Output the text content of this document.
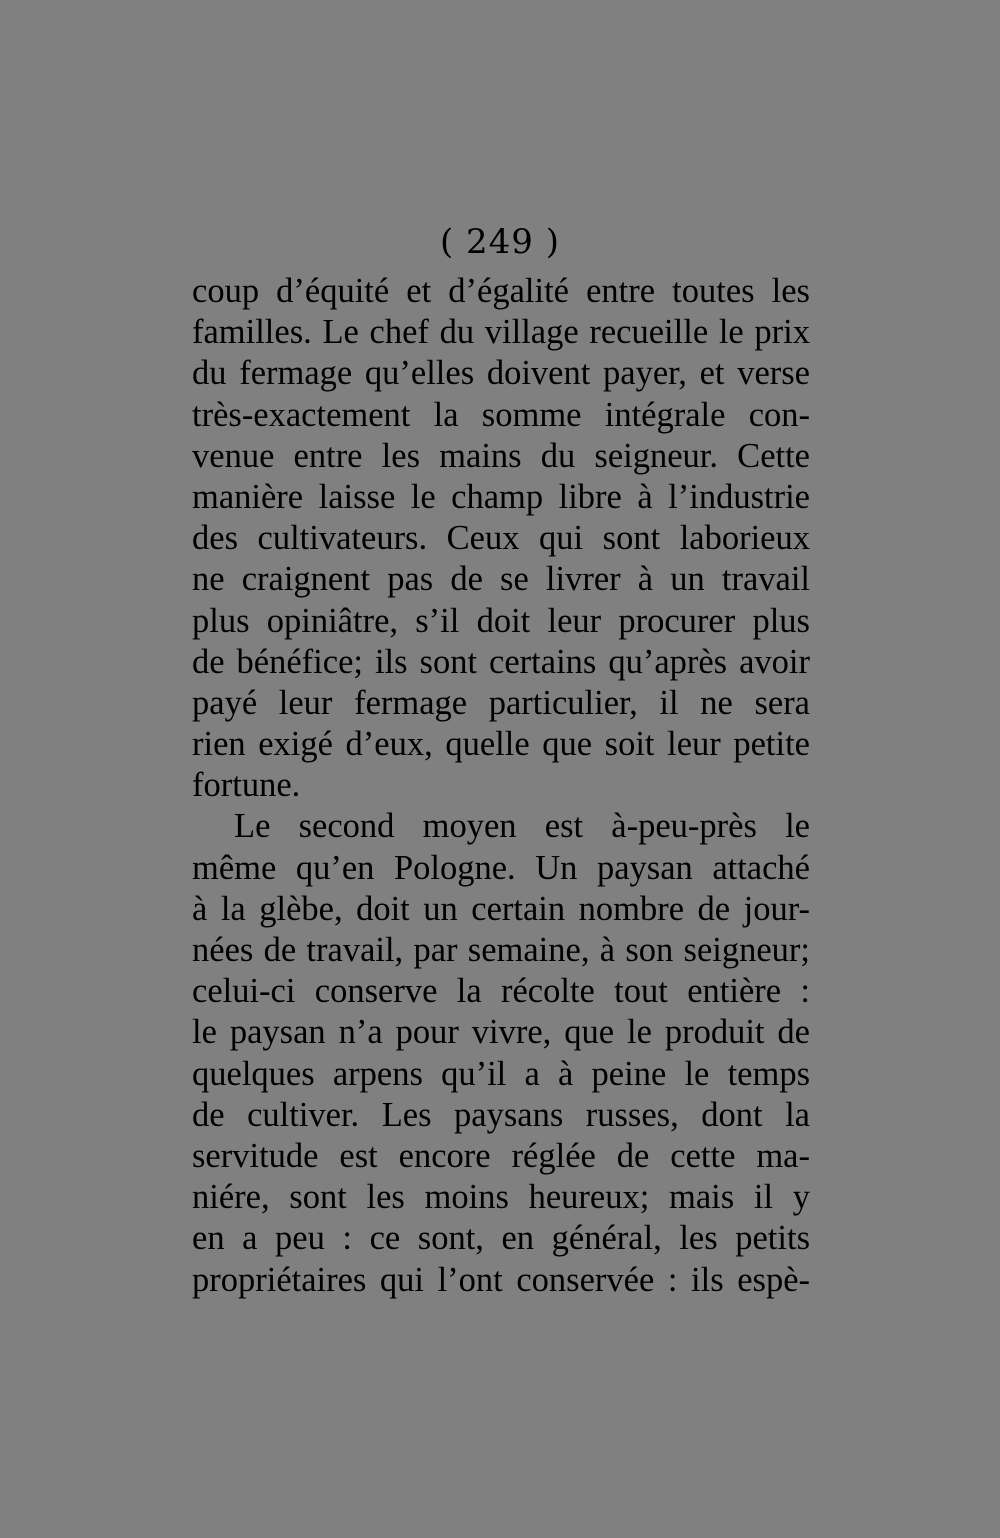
( 249 )
coup d’équité et d’égalité entre toutes les
familles. Le chef du village recueille le prix
du fermage qu’elles doivent payer, et verse
très-exactement la somme intégrale con-
venue entre les mains du seigneur. Cette
manière laisse le champ libre à l’industrie
des cultivateurs. Ceux qui sont laborieux
ne craignent pas de se livrer à un travail
plus opiniâtre, s’il doit leur procurer plus
de bénéfice; ils sont certains qu’après avoir
payé leur fermage particulier, il ne sera
rien exigé d’eux, quelle que soit leur petite
fortune.
Le second moyen est à-peu-près le
même qu’en Pologne. Un paysan attaché
à la glèbe, doit un certain nombre de jour-
nées de travail, par semaine, à son seigneur;
celui-ci conserve la récolte tout entière :
le paysan n’a pour vivre, que le produit de
quelques arpens qu’il a à peine le temps
de cultiver. Les paysans russes, dont la
servitude est encore réglée de cette ma-
niére, sont les moins heureux; mais il y
en a peu : ce sont, en général, les petits
propriétaires qui l’ont conservée : ils espè-
